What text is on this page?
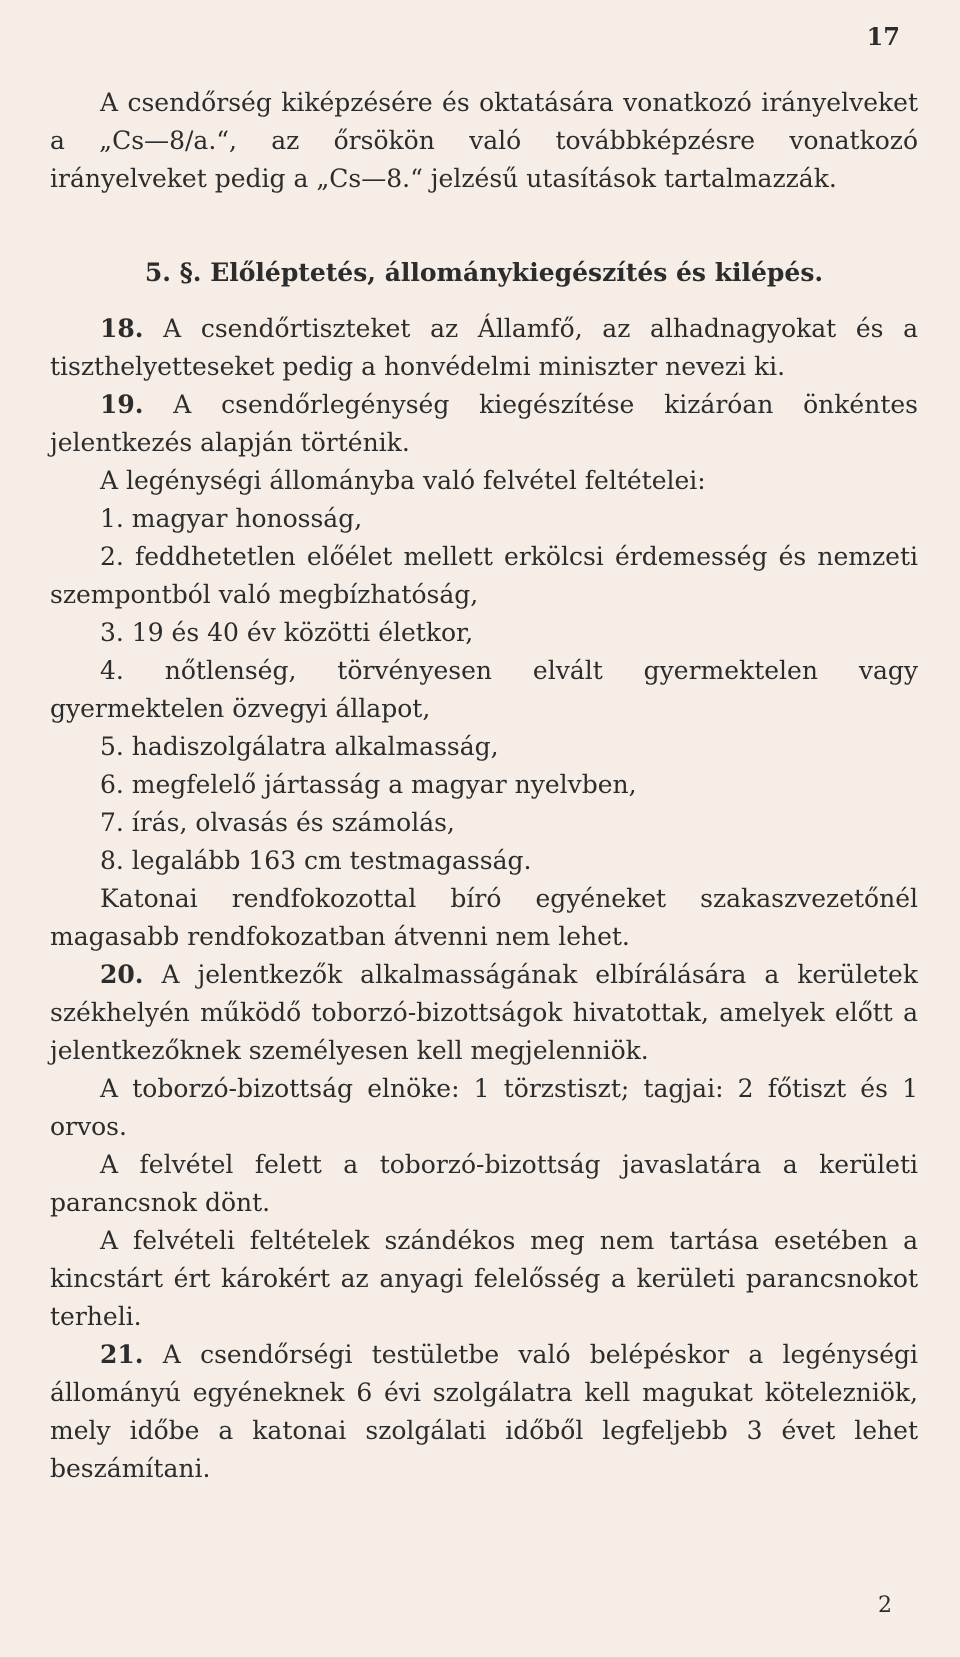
17

A csendőrség kiképzésére és oktatására vonatkozó irányelveket a „Cs—8/a.“, az őrsökön való továbbképzésre vonatkozó irányelveket pedig a „Cs—8.“ jelzésű utasítások tartalmazzák.

5. §. Előléptetés, állománykiegészítés és kilépés.

18. A csendőrtiszteket az Államfő, az alhadnagyokat és a tiszthelyetteseket pedig a honvédelmi miniszter nevezi ki.

19. A csendőrlegénység kiegészítése kizáróan önkéntes jelentkezés alapján történik.

A legénységi állományba való felvétel feltételei:

1. magyar honosság,

2. feddhetetlen előélet mellett erkölcsi érdemesség és nemzeti szempontból való megbízhatóság,

3. 19 és 40 év közötti életkor,

4. nőtlenség, törvényesen elvált gyermektelen vagy gyermektelen özvegyi állapot,

5. hadiszolgálatra alkalmasság,

6. megfelelő jártasság a magyar nyelvben,

7. írás, olvasás és számolás,

8. legalább 163 cm testmagasság.

Katonai rendfokozottal bíró egyéneket szakaszvezetőnél magasabb rendfokozatban átvenni nem lehet.

20. A jelentkezők alkalmasságának elbírálására a kerületek székhelyén működő toborzó-bizottságok hivatottak, amelyek előtt a jelentkezőknek személyesen kell megjelenniök.

A toborzó-bizottság elnöke: 1 törzstiszt; tagjai: 2 főtiszt és 1 orvos.

A felvétel felett a toborzó-bizottság javaslatára a kerületi parancsnok dönt.

A felvételi feltételek szándékos meg nem tartása esetében a kincstárt ért károkért az anyagi felelősség a kerületi parancsnokot terheli.

21. A csendőrségi testületbe való belépéskor a legénységi állományú egyéneknek 6 évi szolgálatra kell magukat kötelezniök, mely időbe a katonai szolgálati időből legfeljebb 3 évet lehet beszámítani.

2
